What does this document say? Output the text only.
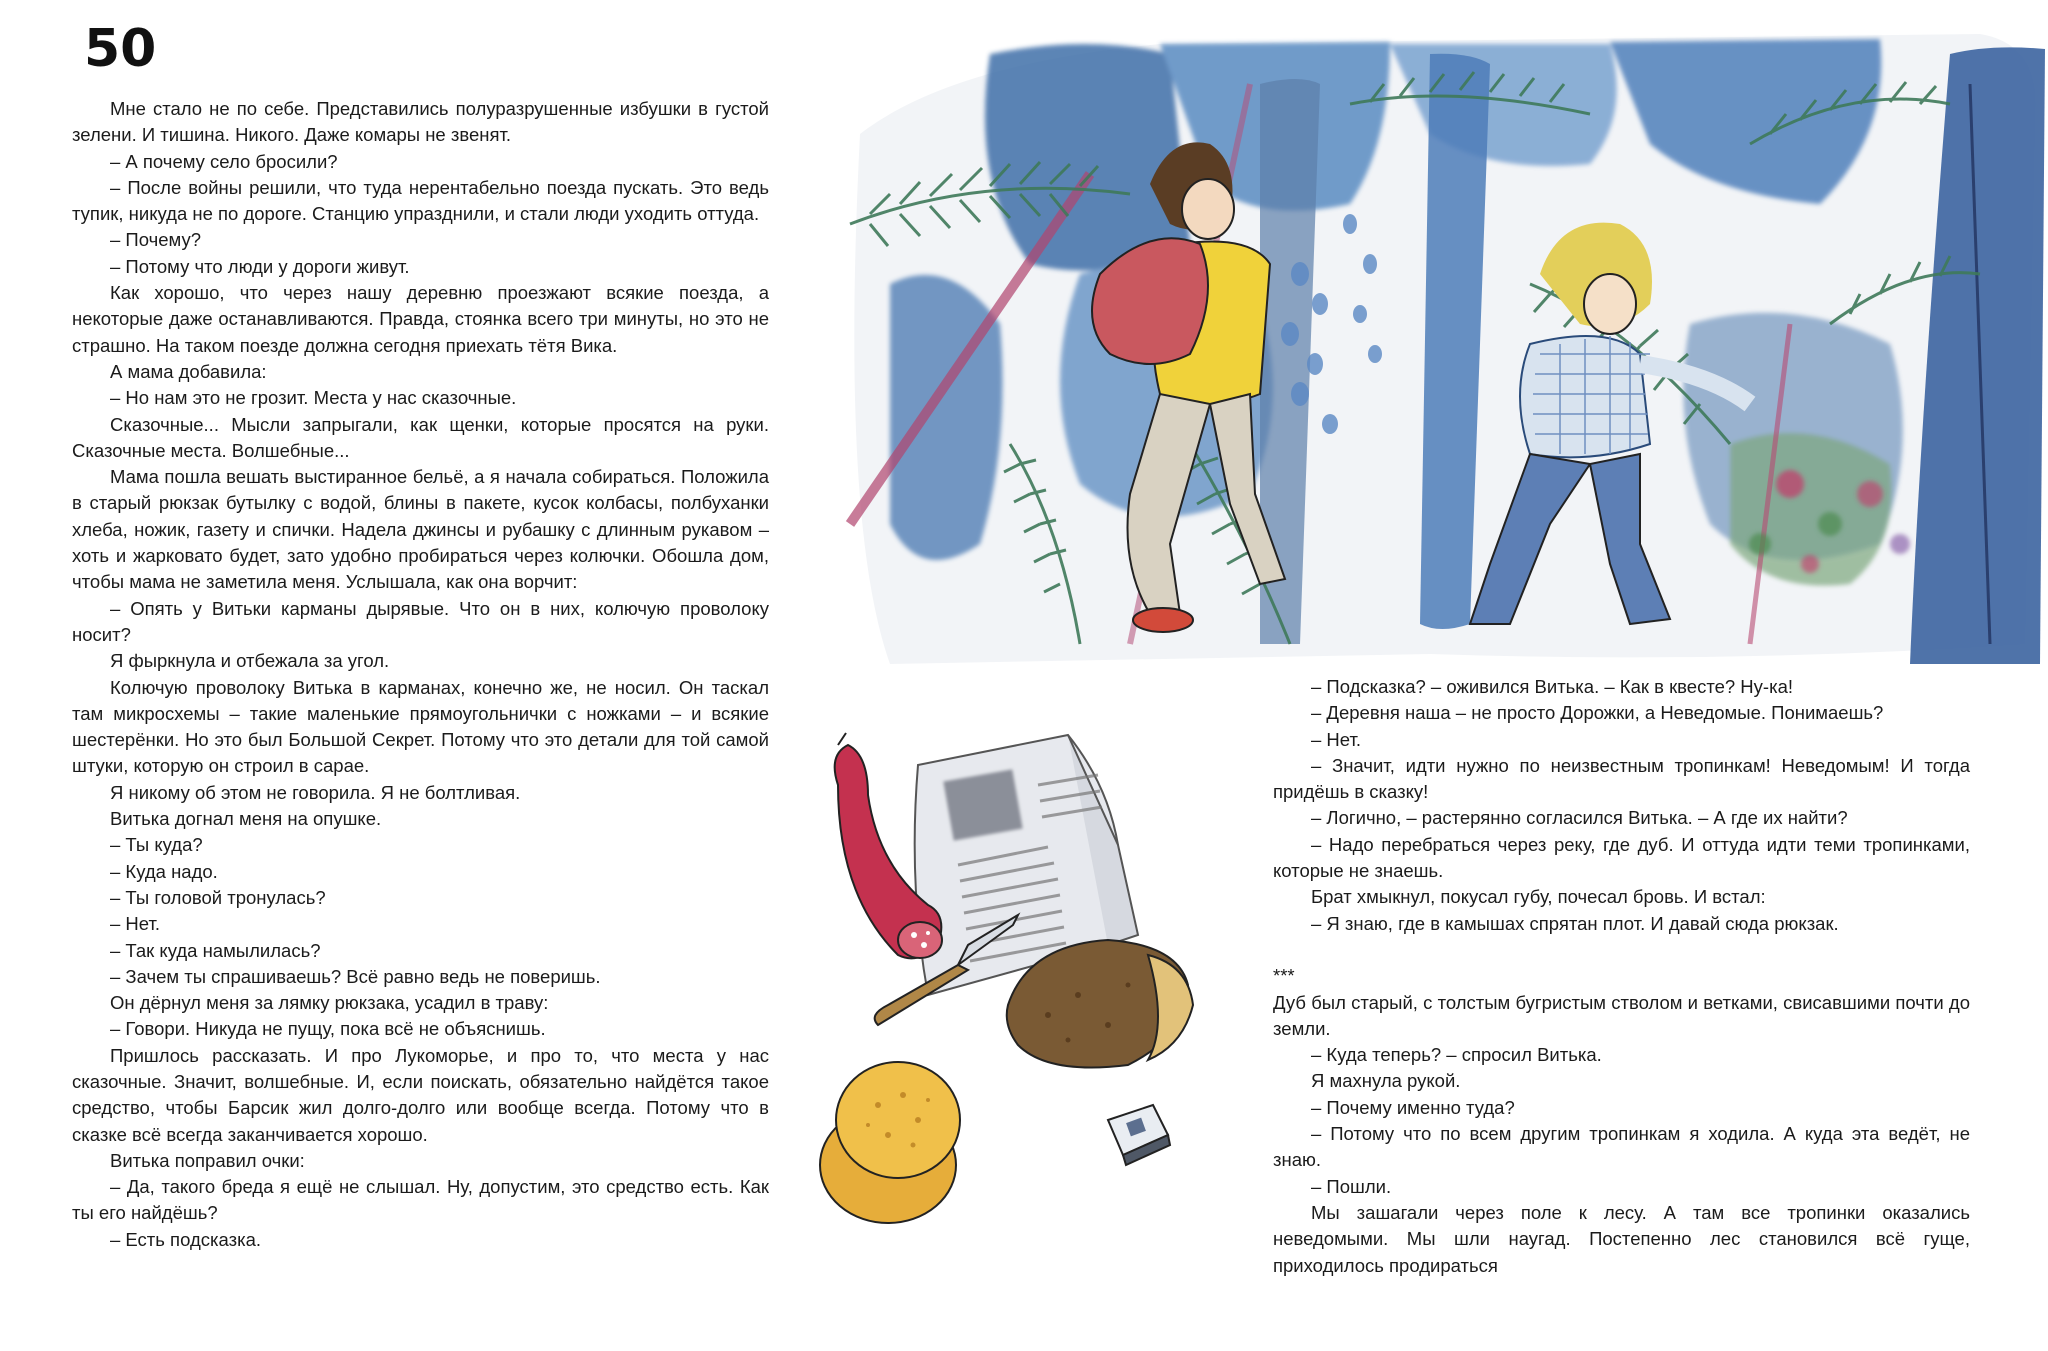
50

Мне стало не по себе. Представились полуразрушенные избушки в густой зелени. И тишина. Никого. Даже комары не звенят.

– А почему село бросили?

– После войны решили, что туда нерентабельно поезда пускать. Это ведь тупик, никуда не по дороге. Станцию упразднили, и стали люди уходить оттуда.

– Почему?

– Потому что люди у дороги живут.

Как хорошо, что через нашу деревню проезжают всякие поезда, а некоторые даже останавливаются. Правда, стоянка всего три минуты, но это не страшно. На таком поезде должна сегодня приехать тётя Вика.

А мама добавила:

– Но нам это не грозит. Места у нас сказочные.

Сказочные... Мысли запрыгали, как щенки, которые просятся на руки. Сказочные места. Волшебные...

Мама пошла вешать выстиранное бельё, а я начала собираться. Положила в старый рюкзак бутылку с водой, блины в пакете, кусок колбасы, полбуханки хлеба, ножик, газету и спички. Надела джинсы и рубашку с длинным рукавом – хоть и жарковато будет, зато удобно пробираться через колючки. Обошла дом, чтобы мама не заметила меня. Услышала, как она ворчит:

– Опять у Витьки карманы дырявые. Что он в них, колючую проволоку носит?

Я фыркнула и отбежала за угол.

Колючую проволоку Витька в карманах, конечно же, не носил. Он таскал там микросхемы – такие маленькие прямоугольнички с ножками – и всякие шестерёнки. Но это был Большой Секрет. Потому что это детали для той самой штуки, которую он строил в сарае.

Я никому об этом не говорила. Я не болтливая.

Витька догнал меня на опушке.

– Ты куда?

– Куда надо.

– Ты головой тронулась?

– Нет.

– Так куда намылилась?

– Зачем ты спрашиваешь? Всё равно ведь не поверишь.

Он дёрнул меня за лямку рюкзака, усадил в траву:

– Говори. Никуда не пущу, пока всё не объяснишь.

Пришлось рассказать. И про Лукоморье, и про то, что места у нас сказочные. Значит, волшебные. И, если поискать, обязательно найдётся такое средство, чтобы Барсик жил долго-долго или вообще всегда. Потому что в сказке всё всегда заканчивается хорошо.

Витька поправил очки:

– Да, такого бреда я ещё не слышал. Ну, допустим, это средство есть. Как ты его найдёшь?

– Есть подсказка.

– Подсказка? – оживился Витька. – Как в квесте? Ну-ка!

– Деревня наша – не просто Дорожки, а Неведомые. Понимаешь?

– Нет.

– Значит, идти нужно по неизвестным тропинкам! Неведомым! И тогда придёшь в сказку!

– Логично, – растерянно согласился Витька. – А где их найти?

– Надо перебраться через реку, где дуб. И оттуда идти теми тропинками, которые не знаешь.

Брат хмыкнул, покусал губу, почесал бровь. И встал:

– Я знаю, где в камышах спрятан плот. И давай сюда рюкзак.

***

Дуб был старый, с толстым бугристым стволом и ветками, свисавшими почти до земли.

– Куда теперь? – спросил Витька.

Я махнула рукой.

– Почему именно туда?

– Потому что по всем другим тропинкам я ходила. А куда эта ведёт, не знаю.

– Пошли.

Мы зашагали через поле к лесу. А там все тропинки оказались неведомыми. Мы шли наугад. Постепенно лес становился всё гуще, приходилось продираться
